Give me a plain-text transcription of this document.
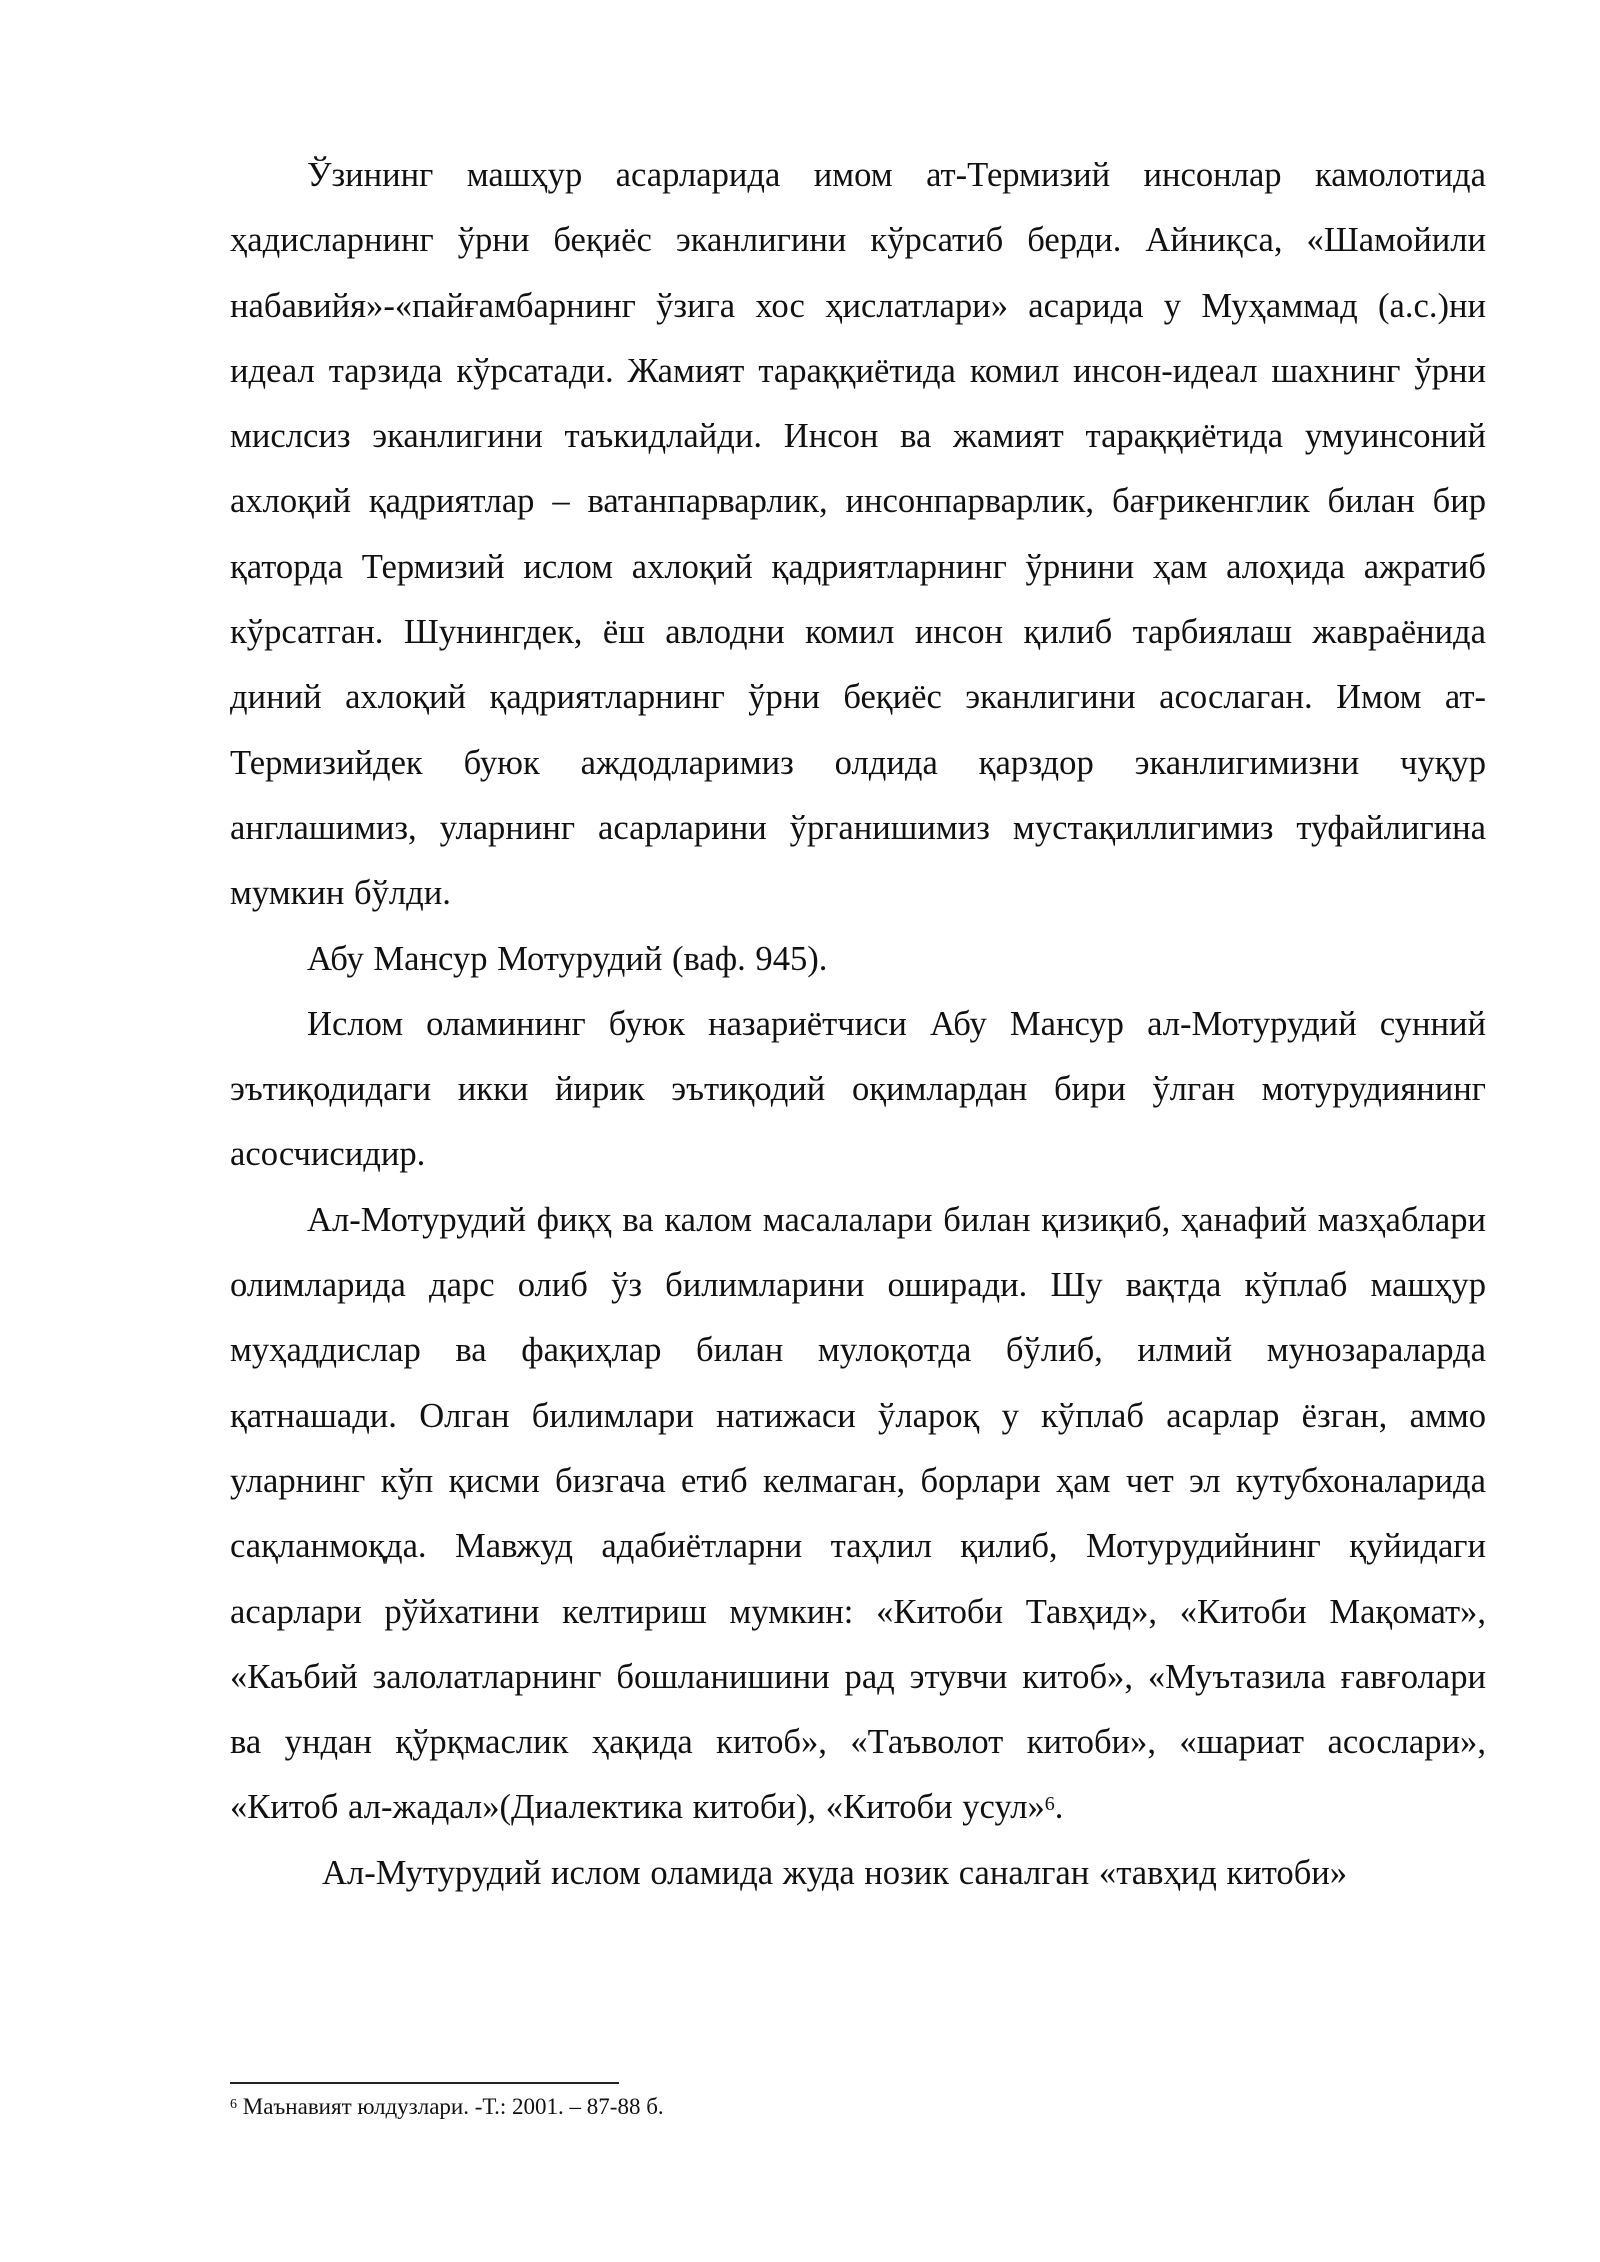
Ўзининг машҳур асарларида имом ат-Термизий инсонлар камолотида ҳадисларнинг ўрни беқиёс эканлигини кўрсатиб берди. Айниқса, «Шамойили набавийя»-«пайғамбарнинг ўзига хос ҳислатлари» асарида у Муҳаммад (а.с.)ни идеал тарзида кўрсатади. Жамият тараққиётида комил инсон-идеал шахнинг ўрни мислсиз эканлигини таъкидлайди. Инсон ва жамият тараққиётида умуинсоний ахлоқий қадриятлар – ватанпарварлик, инсонпарварлик, бағрикенглик билан бир қаторда Термизий ислом ахлоқий қадриятларнинг ўрнини ҳам алоҳида ажратиб кўрсатган. Шунингдек, ёш авлодни комил инсон қилиб тарбиялаш жавраёнида диний ахлоқий қадриятларнинг ўрни беқиёс эканлигини асослаган. Имом ат-Термизийдек буюк аждодларимиз олдида қарздор эканлигимизни чуқур англашимиз, уларнинг асарларини ўрганишимиз мустақиллигимиз туфайлигина мумкин бўлди.

Абу Мансур Мотурудий (ваф. 945).

Ислом оламининг буюк назариётчиси Абу Мансур ал-Мотурудий сунний эътиқодидаги икки йирик эътиқодий оқимлардан бири ўлган мотурудиянинг асосчисидир.

Ал-Мотурудий фиқҳ ва калом масалалари билан қизиқиб, ҳанафий мазҳаблари олимларида дарс олиб ўз билимларини оширади. Шу вақтда кўплаб машҳур муҳаддислар ва фақиҳлар билан мулоқотда бўлиб, илмий мунозараларда қатнашади. Олган билимлари натижаси ўлароқ у кўплаб асарлар ёзган, аммо уларнинг кўп қисми бизгача етиб келмаган, борлари ҳам чет эл кутубхоналарида сақланмоқда. Мавжуд адабиётларни таҳлил қилиб, Мотурудийнинг қуйидаги асарлари рўйхатини келтириш мумкин: «Китоби Тавҳид», «Китоби Мақомат», «Каъбий залолатларнинг бошланишини рад этувчи китоб», «Муътазила ғавғолари ва ундан қўрқмаслик ҳақида китоб», «Таъволот китоби», «шариат асослари», «Китоб ал-жадал»(Диалектика китоби), «Китоби усул»$^6$.

Ал-Мутурудий ислом оламида жуда нозик саналган «тавҳид китоби»

$^6$ Маънавият юлдузлари. -Т.: 2001. – 87-88 б.
